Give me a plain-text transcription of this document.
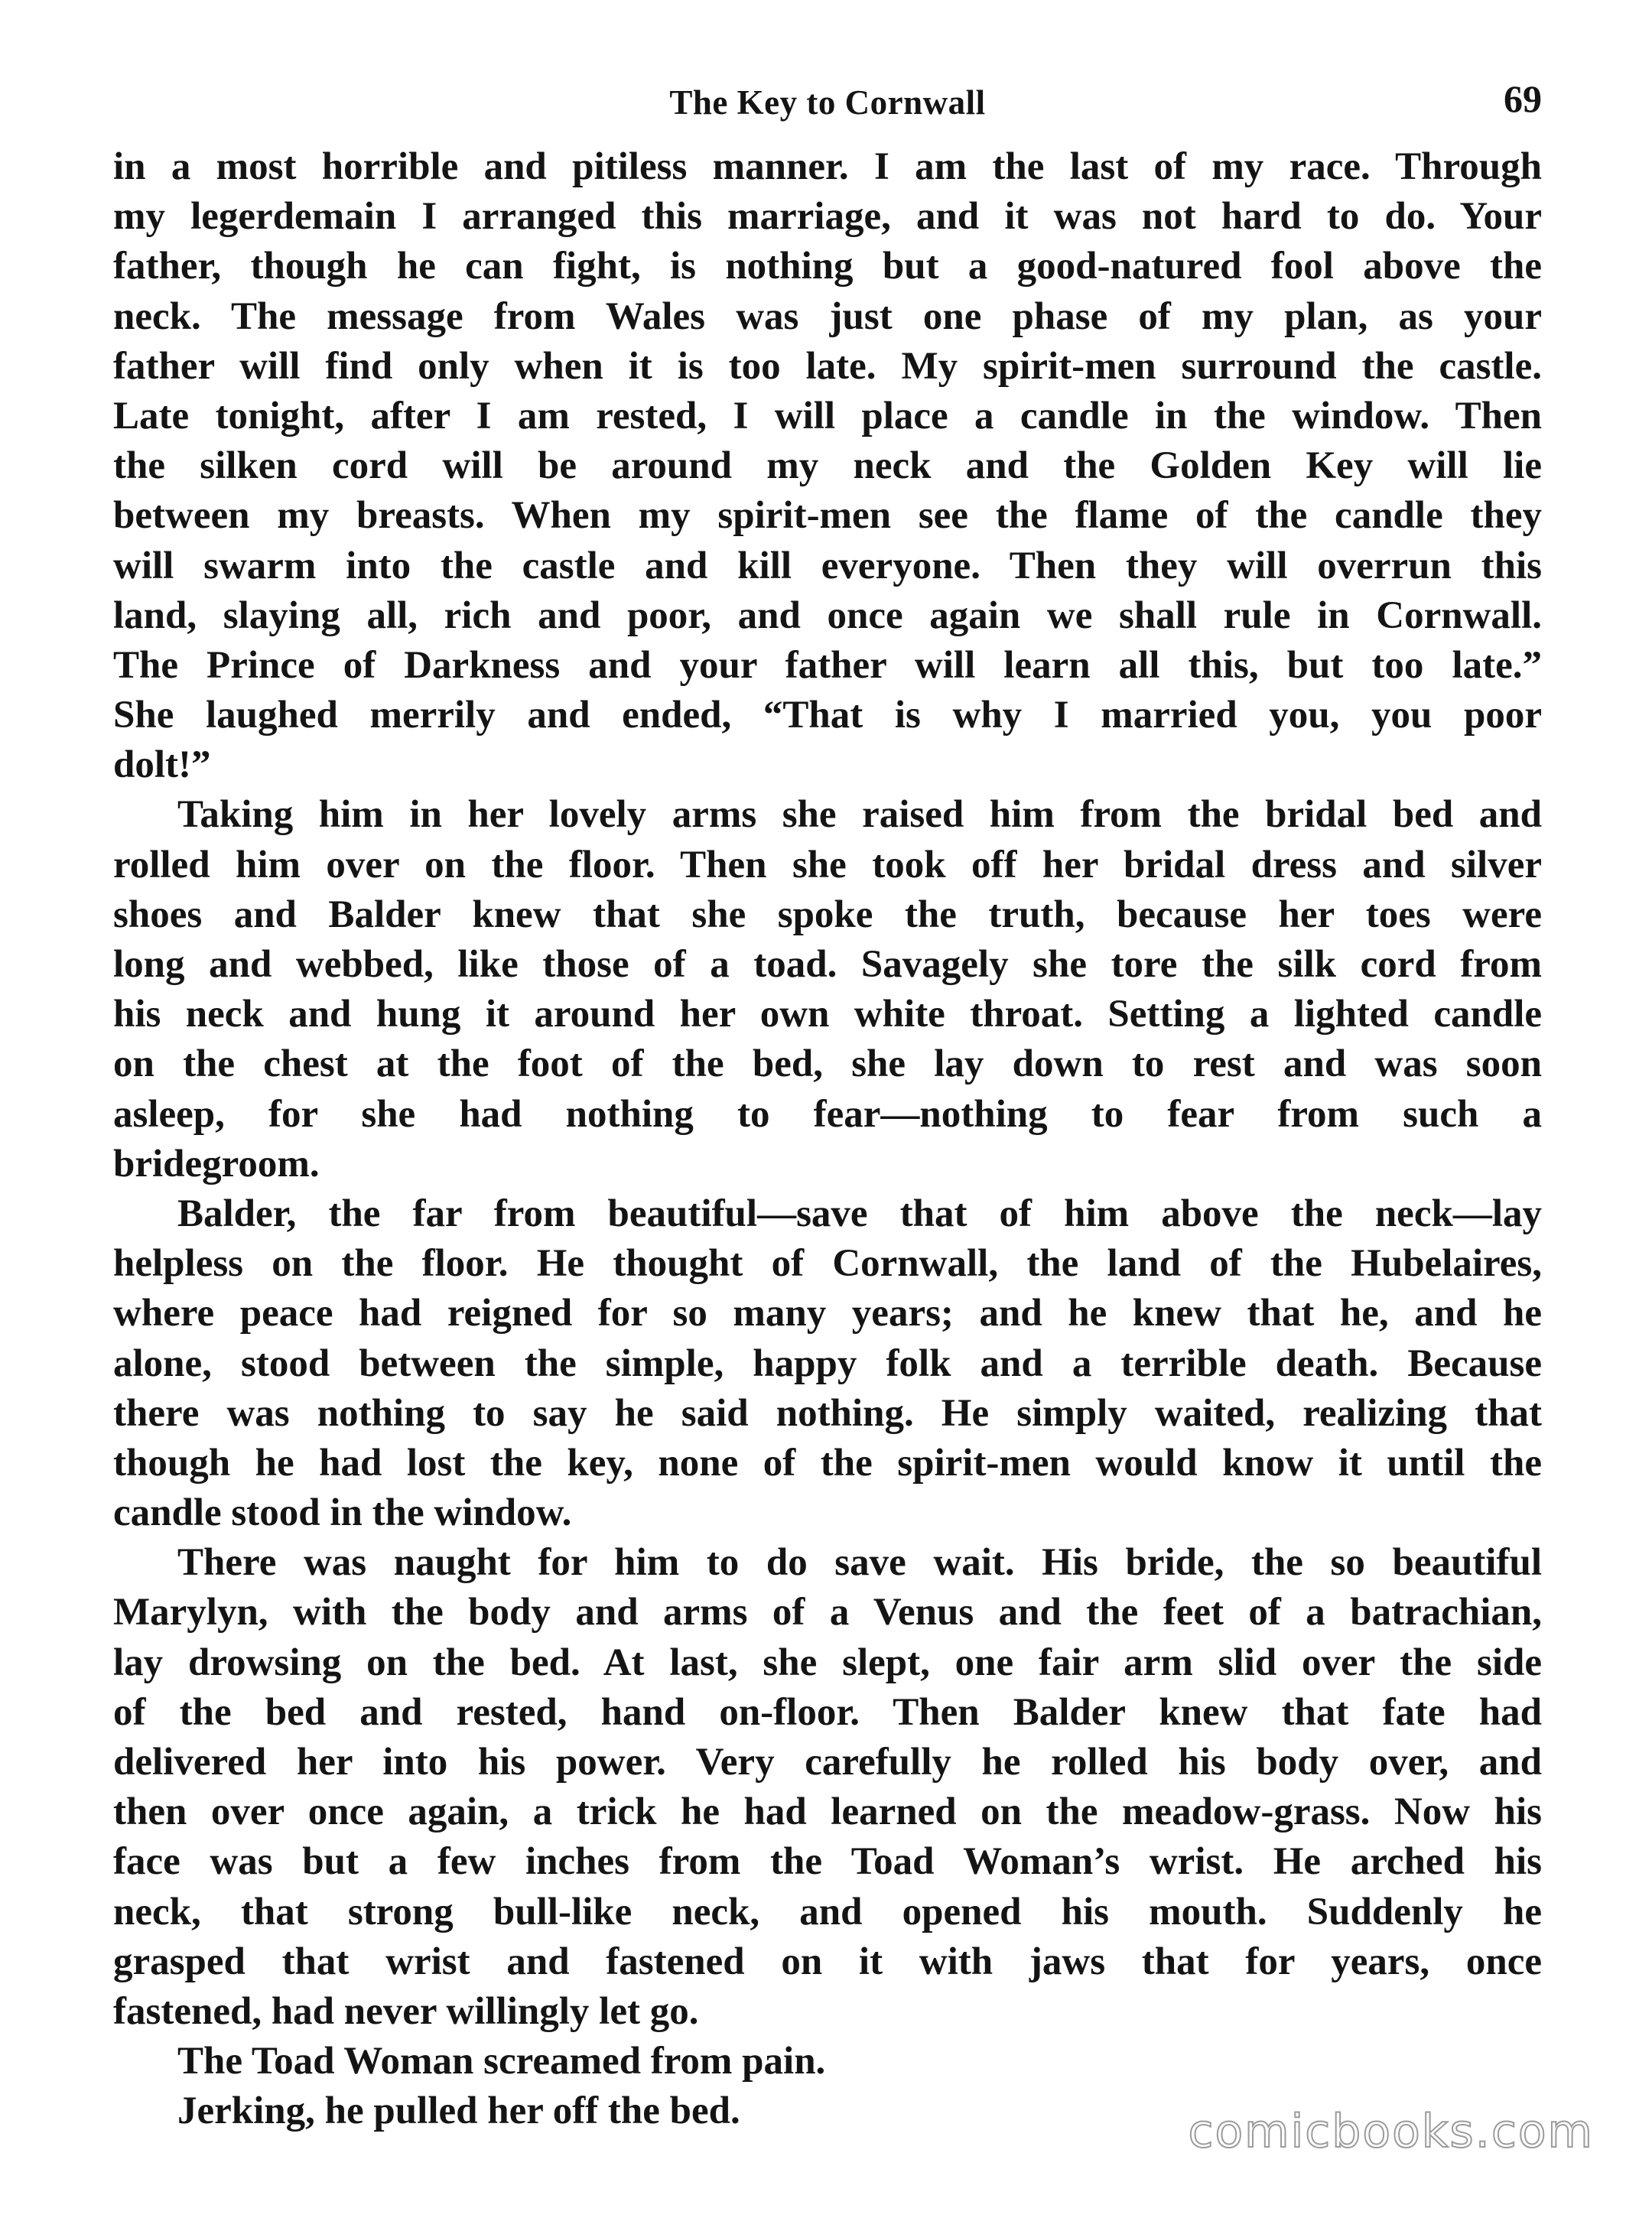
The Key to Cornwall	69
in a most horrible and pitiless manner. I am the last of my race. Through
my legerdemain I arranged this marriage, and it was not hard to do. Your
father, though he can fight, is nothing but a good-natured fool above the
neck. The message from Wales was just one phase of my plan, as your
father will find only when it is too late. My spirit-men surround the castle.
Late tonight, after I am rested, I will place a candle in the window. Then
the silken cord will be around my neck and the Golden Key will lie
between my breasts. When my spirit-men see the flame of the candle they
will swarm into the castle and kill everyone. Then they will overrun this
land, slaying all, rich and poor, and once again we shall rule in Cornwall.
The Prince of Darkness and your father will learn all this, but too late.”
She laughed merrily and ended, “That is why I married you, you poor
dolt!”
Taking him in her lovely arms she raised him from the bridal bed and
rolled him over on the floor. Then she took off her bridal dress and silver
shoes and Balder knew that she spoke the truth, because her toes were
long and webbed, like those of a toad. Savagely she tore the silk cord from
his neck and hung it around her own white throat. Setting a lighted candle
on the chest at the foot of the bed, she lay down to rest and was soon
asleep, for she had nothing to fear—nothing to fear from such a
bridegroom.
Balder, the far from beautiful—save that of him above the neck—lay
helpless on the floor. He thought of Cornwall, the land of the Hubelaires,
where peace had reigned for so many years; and he knew that he, and he
alone, stood between the simple, happy folk and a terrible death. Because
there was nothing to say he said nothing. He simply waited, realizing that
though he had lost the key, none of the spirit-men would know it until the
candle stood in the window.
There was naught for him to do save wait. His bride, the so beautiful
Marylyn, with the body and arms of a Venus and the feet of a batrachian,
lay drowsing on the bed. At last, she slept, one fair arm slid over the side
of the bed and rested, hand on-floor. Then Balder knew that fate had
delivered her into his power. Very carefully he rolled his body over, and
then over once again, a trick he had learned on the meadow-grass. Now his
face was but a few inches from the Toad Woman’s wrist. He arched his
neck, that strong bull-like neck, and opened his mouth. Suddenly he
grasped that wrist and fastened on it with jaws that for years, once
fastened, had never willingly let go.
The Toad Woman screamed from pain.
Jerking, he pulled her off the bed.	comicbooks.com
